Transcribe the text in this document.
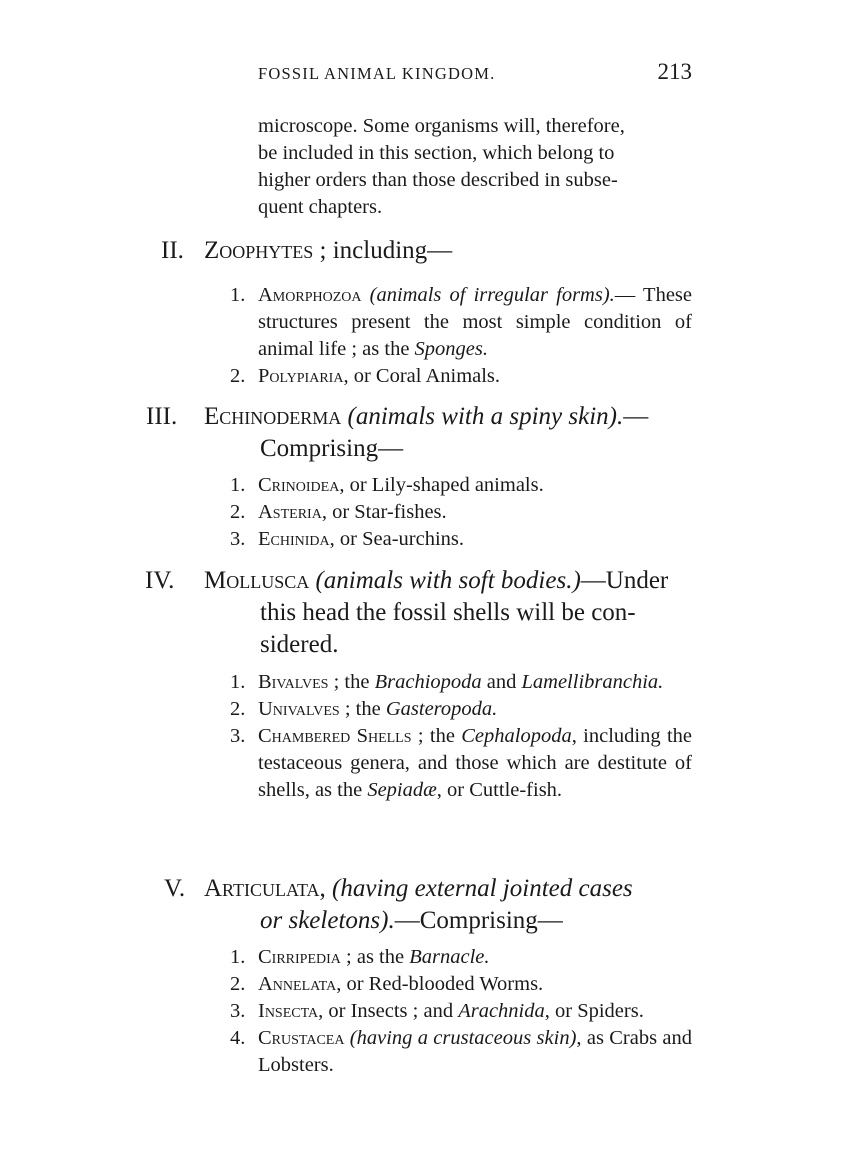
FOSSIL ANIMAL KINGDOM.	213
microscope. Some organisms will, therefore,
be included in this section, which belong to
higher orders than those described in subse-
quent chapters.
II. Zoophytes ; including—
1. Amorphozoa (animals of irregular forms).— These structures present the most simple condition of animal life ; as the Sponges.
2. Polypiaria, or Coral Animals.
III. Echinoderma (animals with a spiny skin).—
Comprising—
1. Crinoidea, or Lily-shaped animals.
2. Asteria, or Star-fishes.
3. Echinida, or Sea-urchins.
IV. Mollusca (animals with soft bodies.)—Under
this head the fossil shells will be con-
sidered.
1. Bivalves ; the Brachiopoda and Lamellibranchia.
2. Univalves ; the Gasteropoda.
3. Chambered Shells ; the Cephalopoda, including the testaceous genera, and those which are destitute of shells, as the Sepiadæ, or Cuttle-fish.
V. Articulata, (having external jointed cases
or skeletons).—Comprising—
1. Cirripedia ; as the Barnacle.
2. Annelata, or Red-blooded Worms.
3. Insecta, or Insects ; and Arachnida, or Spiders.
4. Crustacea (having a crustaceous skin), as Crabs and Lobsters.
